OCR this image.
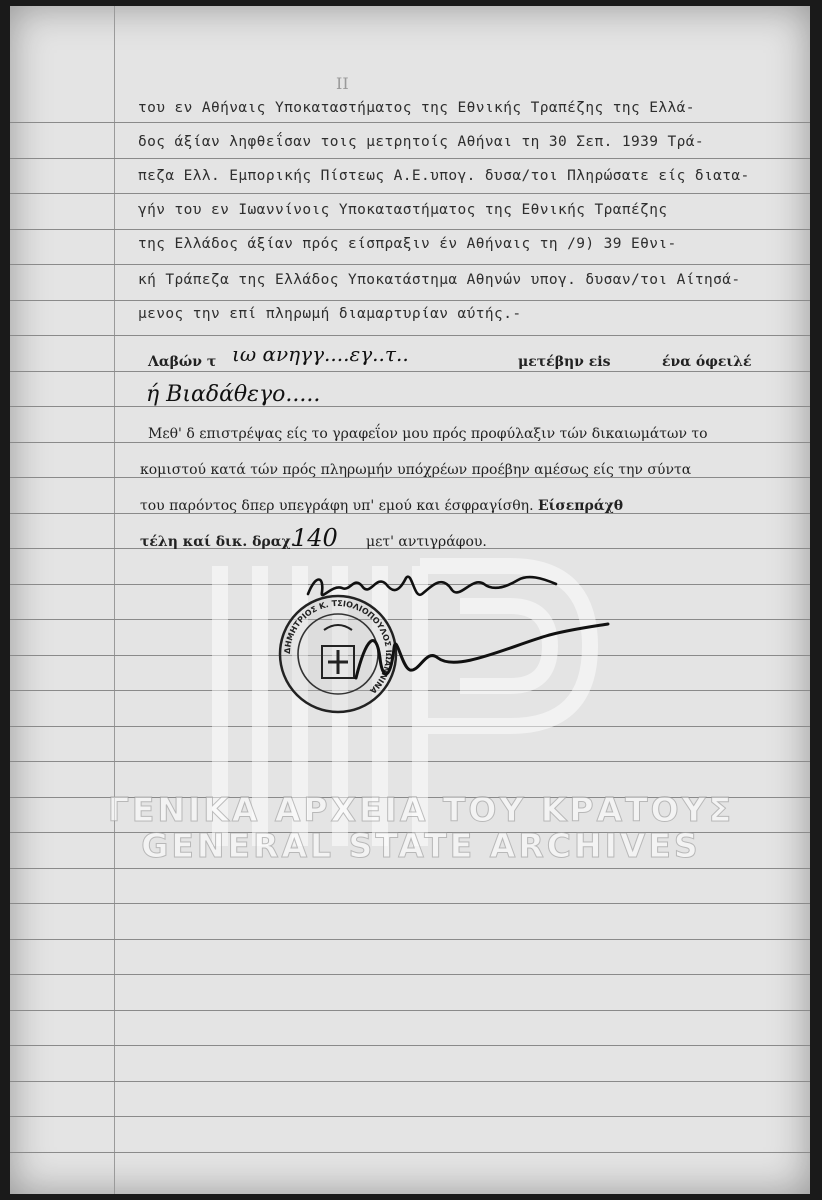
ΙΙ

του εν Αθήναις Υποκαταστήματος της Εθνικής Τραπέζης της Ελλά-

δος άξίαν ληφθεΐσαν τοις μετρητοίς Αθήναι τη 30 Σεπ. 1939 Τρά-

πεζα Ελλ. Εμπορικής Πίστεως Α.Ε.υπογ. δυσα/τοι Πληρώσατε είς διατα-

γήν του εν Ιωαννίνοις Υποκαταστήματος της Εθνικής Τραπέζης

της Ελλάδος άξίαν πρός είσπραξιν έν Αθήναις τη /9) 39 Εθνι-

κή Τράπεζα της Ελλάδος Υποκατάστημα Αθηνών υπογ. δυσαν/τοι Αίτησά-

μενος την επί πληρωμή διαμαρτυρίαν αύτής.-

Λαβών τ ιω ανηγγ....εγ..τ..	μετέβην εis	ένα όφειλέ

ή Βιαδάθεγο.....

Μεθ' δ επιστρέψας είς το γραφεΐον μου πρός προφύλαξιν τών δικαιωμάτων το

κομιστού κατά τών πρός πληρωμήν υπόχρέων προέβην αμέσως είς την σύντα

του παρόντος δπερ υπεγράφη υπ' εμού και έσφραγίσθη. Είσεπράχθ

τέλη καί δικ. δραχ.

140 μετ' αντιγράφου.

Ο Κλητήρ Ιωαννης
ΔΗΜΗΤΡΙΟΣ Κ. ΤΣΙΟΛΙΟΠΟΥΛΟΣ ΙΩΑΝΝΙΝΑ
ΓΕΝΙΚΑ ΑΡΧΕΙΑ ΤΟΥ ΚΡΑΤΟΥΣ
GENERAL STATE ARCHIVES
